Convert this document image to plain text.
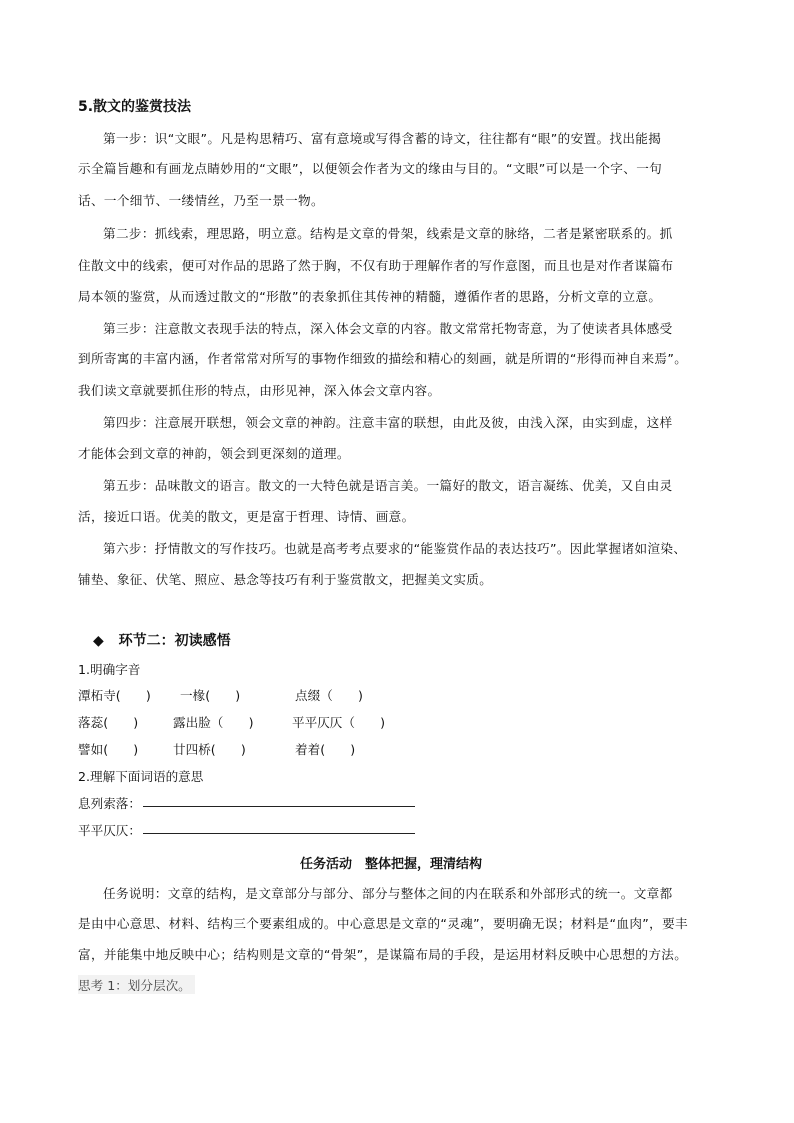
5.散文的鉴赏技法
第一步：识“文眼”。凡是构思精巧、富有意境或写得含蓄的诗文，往往都有“眼”的安置。找出能揭
示全篇旨趣和有画龙点睛妙用的“文眼”，以便领会作者为文的缘由与目的。“文眼”可以是一个字、一句
话、一个细节、一缕情丝，乃至一景一物。
第二步：抓线索，理思路，明立意。结构是文章的骨架，线索是文章的脉络，二者是紧密联系的。抓
住散文中的线索，便可对作品的思路了然于胸，不仅有助于理解作者的写作意图，而且也是对作者谋篇布
局本领的鉴赏，从而透过散文的“形散”的表象抓住其传神的精髓，遵循作者的思路，分析文章的立意。
第三步：注意散文表现手法的特点，深入体会文章的内容。散文常常托物寄意，为了使读者具体感受
到所寄寓的丰富内涵，作者常常对所写的事物作细致的描绘和精心的刻画，就是所谓的“形得而神自来焉”。
我们读文章就要抓住形的特点，由形见神，深入体会文章内容。
第四步：注意展开联想，领会文章的神韵。注意丰富的联想，由此及彼，由浅入深，由实到虚，这样
才能体会到文章的神韵，领会到更深刻的道理。
第五步：品味散文的语言。散文的一大特色就是语言美。一篇好的散文，语言凝练、优美，又自由灵
活，接近口语。优美的散文，更是富于哲理、诗情、画意。
第六步：抒情散文的写作技巧。也就是高考考点要求的“能鉴赏作品的表达技巧”。因此掌握诸如渲染、
铺垫、象征、伏笔、照应、悬念等技巧有利于鉴赏散文，把握美文实质。
◆ 环节二：初读感悟
1.明确字音
潭柘寺(　　) 一椽(　　)	点缀（　　)
落蕊(　　)	露出脸（　　)	平平仄仄（　　)
譬如(　　)	廿四桥(　　)	着着(　　)
2.理解下面词语的意思
息列索落：
平平仄仄：
任务活动　整体把握，理清结构
任务说明：文章的结构，是文章部分与部分、部分与整体之间的内在联系和外部形式的统一。文章都
是由中心意思、材料、结构三个要素组成的。中心意思是文章的“灵魂”，要明确无误；材料是“血肉”，要丰
富，并能集中地反映中心；结构则是文章的“骨架”，是谋篇布局的手段，是运用材料反映中心思想的方法。
思考 1：划分层次。
